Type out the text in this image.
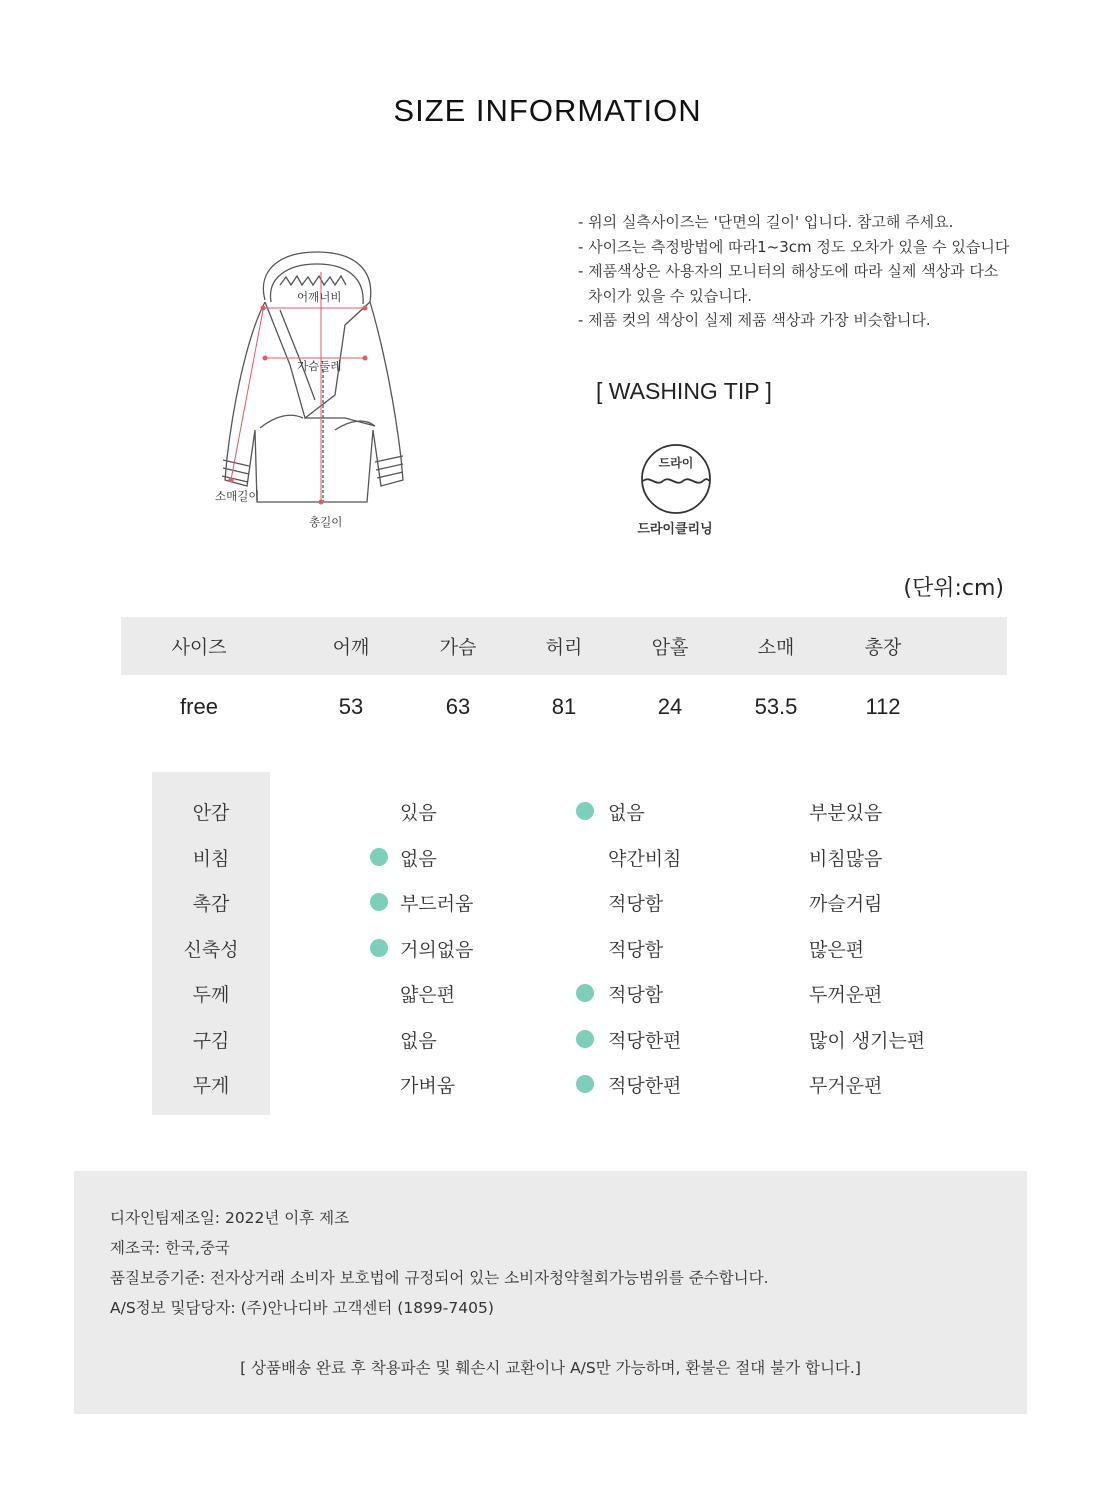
SIZE INFORMATION
어깨너비
가슴둘레
소매길이
총길이
- 위의 실측사이즈는 '단면의 길이' 입니다. 참고해 주세요.
- 사이즈는 측정방법에 따라1~3cm 정도 오차가 있을 수 있습니다
- 제품색상은 사용자의 모니터의 해상도에 따라 실제 색상과 다소
차이가 있을 수 있습니다.
- 제품 컷의 색상이 실제 제품 색상과 가장 비슷합니다.
[ WASHING TIP ]
드라이
드라이클리닝
(단위:cm)
사이즈	어깨	가슴	허리	암홀	소매	총장
free	53	63	81	24	53.5	112
안감	있음	없음	부분있음
비침	없음	약간비침	비침많음
촉감	부드러움	적당함	까슬거림
신축성	거의없음	적당함	많은편
두께	얇은편	적당함	두꺼운편
구김	없음	적당한편	많이 생기는편
무게	가벼움	적당한편	무거운편
디자인팀제조일: 2022년 이후 제조
제조국: 한국,중국
품질보증기준: 전자상거래 소비자 보호법에 규정되어 있는 소비자청약철회가능범위를 준수합니다.
A/S정보 및담당자: (주)안나디바 고객센터 (1899-7405)
[ 상품배송 완료 후 착용파손 및 훼손시 교환이나 A/S만 가능하며, 환불은 절대 불가 합니다.]
